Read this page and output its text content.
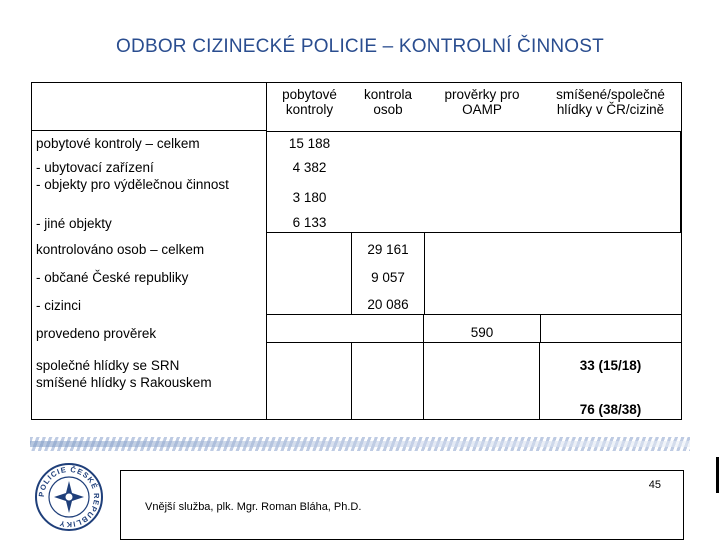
ODBOR CIZINECKÉ POLICIE – KONTROLNÍ ČINNOST
pobytové kontroly
kontrola osob
prověrky pro OAMP
smíšené/společné hlídky v ČR/cizině
pobytové kontroly – celkem
- ubytovací zařízení
- objekty pro výdělečnou činnost
- jiné objekty
kontrolováno osob – celkem
- občané České republiky
- cizinci
provedeno prověrek
společné hlídky se SRN
smíšené hlídky s Rakouskem
15 188
4 382
3 180
6 133
29 161
9 057
20 086
590
33 (15/18)
76 (38/38)
POLICIE ČESKÉ REPUBLIKY
45
Vnější služba, plk. Mgr. Roman Bláha, Ph.D.
